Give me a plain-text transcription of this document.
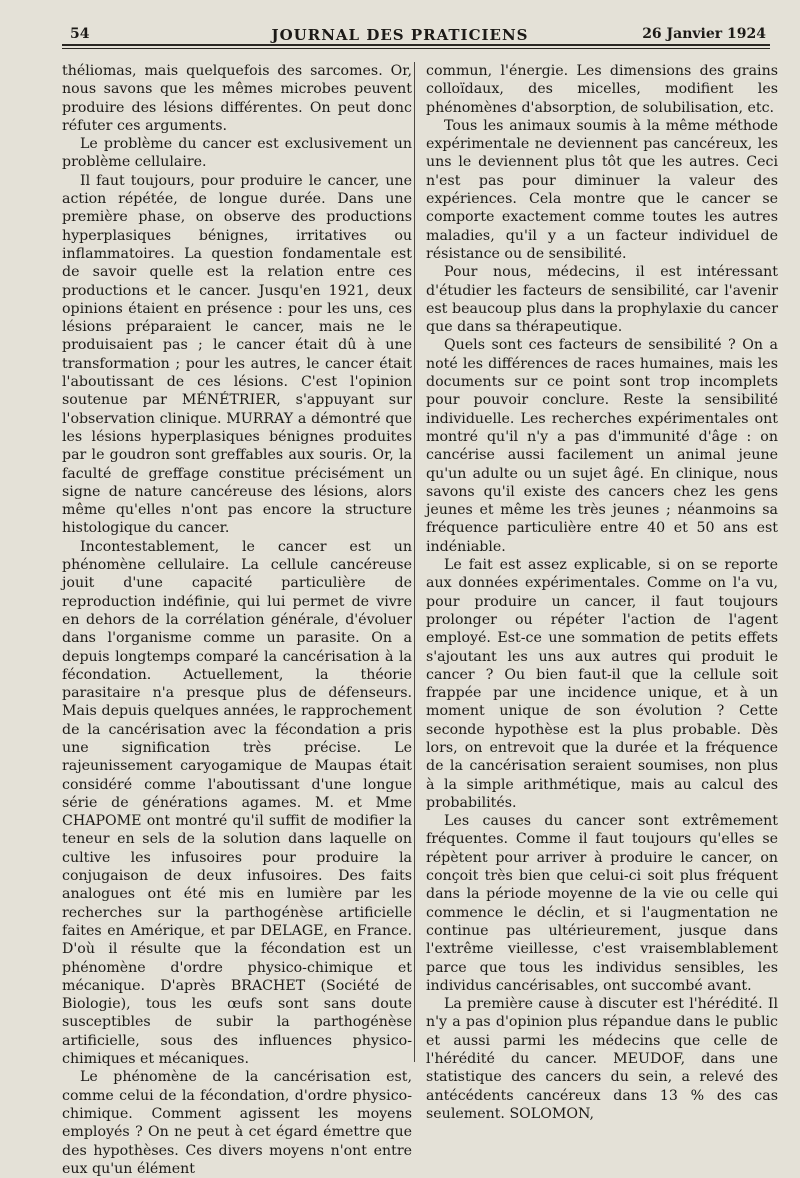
54	JOURNAL DES PRATICIENS	26 Janvier 1924

théliomas, mais quelquefois des sarcomes. Or, nous savons que les mêmes microbes peuvent produire des lésions différentes. On peut donc réfuter ces arguments.

Le problème du cancer est exclusivement un problème cellulaire.

Il faut toujours, pour produire le cancer, une action répétée, de longue durée. Dans une première phase, on observe des productions hyperplasiques bénignes, irritatives ou inflammatoires. La question fondamentale est de savoir quelle est la relation entre ces productions et le cancer. Jusqu'en 1921, deux opinions étaient en présence : pour les uns, ces lésions préparaient le cancer, mais ne le produisaient pas ; le cancer était dû à une transformation ; pour les autres, le cancer était l'aboutissant de ces lésions. C'est l'opinion soutenue par MÉNÉTRIER, s'appuyant sur l'observation clinique. MURRAY a démontré que les lésions hyperplasiques bénignes produites par le goudron sont greffables aux souris. Or, la faculté de greffage constitue précisément un signe de nature cancéreuse des lésions, alors même qu'elles n'ont pas encore la structure histologique du cancer.

Incontestablement, le cancer est un phénomène cellulaire. La cellule cancéreuse jouit d'une capacité particulière de reproduction indéfinie, qui lui permet de vivre en dehors de la corrélation générale, d'évoluer dans l'organisme comme un parasite. On a depuis longtemps comparé la cancérisation à la fécondation. Actuellement, la théorie parasitaire n'a presque plus de défenseurs. Mais depuis quelques années, le rapprochement de la cancérisation avec la fécondation a pris une signification très précise. Le rajeunissement caryogamique de Maupas était considéré comme l'aboutissant d'une longue série de générations agames. M. et Mme CHAPOME ont montré qu'il suffit de modifier la teneur en sels de la solution dans laquelle on cultive les infusoires pour produire la conjugaison de deux infusoires. Des faits analogues ont été mis en lumière par les recherches sur la parthogénèse artificielle faites en Amérique, et par DELAGE, en France. D'où il résulte que la fécondation est un phénomène d'ordre physico-chimique et mécanique. D'après BRACHET (Société de Biologie), tous les œufs sont sans doute susceptibles de subir la parthogénèse artificielle, sous des influences physico-chimiques et mécaniques.

Le phénomène de la cancérisation est, comme celui de la fécondation, d'ordre physico-chimique. Comment agissent les moyens employés ? On ne peut à cet égard émettre que des hypothèses. Ces divers moyens n'ont entre eux qu'un élément

commun, l'énergie. Les dimensions des grains colloïdaux, des micelles, modifient les phénomènes d'absorption, de solubilisation, etc.

Tous les animaux soumis à la même méthode expérimentale ne deviennent pas cancéreux, les uns le deviennent plus tôt que les autres. Ceci n'est pas pour diminuer la valeur des expériences. Cela montre que le cancer se comporte exactement comme toutes les autres maladies, qu'il y a un facteur individuel de résistance ou de sensibilité.

Pour nous, médecins, il est intéressant d'étudier les facteurs de sensibilité, car l'avenir est beaucoup plus dans la prophylaxie du cancer que dans sa thérapeutique.

Quels sont ces facteurs de sensibilité ? On a noté les différences de races humaines, mais les documents sur ce point sont trop incomplets pour pouvoir conclure. Reste la sensibilité individuelle. Les recherches expérimentales ont montré qu'il n'y a pas d'immunité d'âge : on cancérise aussi facilement un animal jeune qu'un adulte ou un sujet âgé. En clinique, nous savons qu'il existe des cancers chez les gens jeunes et même les très jeunes ; néanmoins sa fréquence particulière entre 40 et 50 ans est indéniable.

Le fait est assez explicable, si on se reporte aux données expérimentales. Comme on l'a vu, pour produire un cancer, il faut toujours prolonger ou répéter l'action de l'agent employé. Est-ce une sommation de petits effets s'ajoutant les uns aux autres qui produit le cancer ? Ou bien faut-il que la cellule soit frappée par une incidence unique, et à un moment unique de son évolution ? Cette seconde hypothèse est la plus probable. Dès lors, on entrevoit que la durée et la fréquence de la cancérisation seraient soumises, non plus à la simple arithmétique, mais au calcul des probabilités.

Les causes du cancer sont extrêmement fréquentes. Comme il faut toujours qu'elles se répètent pour arriver à produire le cancer, on conçoit très bien que celui-ci soit plus fréquent dans la période moyenne de la vie ou celle qui commence le déclin, et si l'augmentation ne continue pas ultérieurement, jusque dans l'extrême vieillesse, c'est vraisemblablement parce que tous les individus sensibles, les individus cancérisables, ont succombé avant.

La première cause à discuter est l'hérédité. Il n'y a pas d'opinion plus répandue dans le public et aussi parmi les médecins que celle de l'hérédité du cancer. MEUDOF, dans une statistique des cancers du sein, a relevé des antécédents cancéreux dans 13 % des cas seulement. SOLOMON,
